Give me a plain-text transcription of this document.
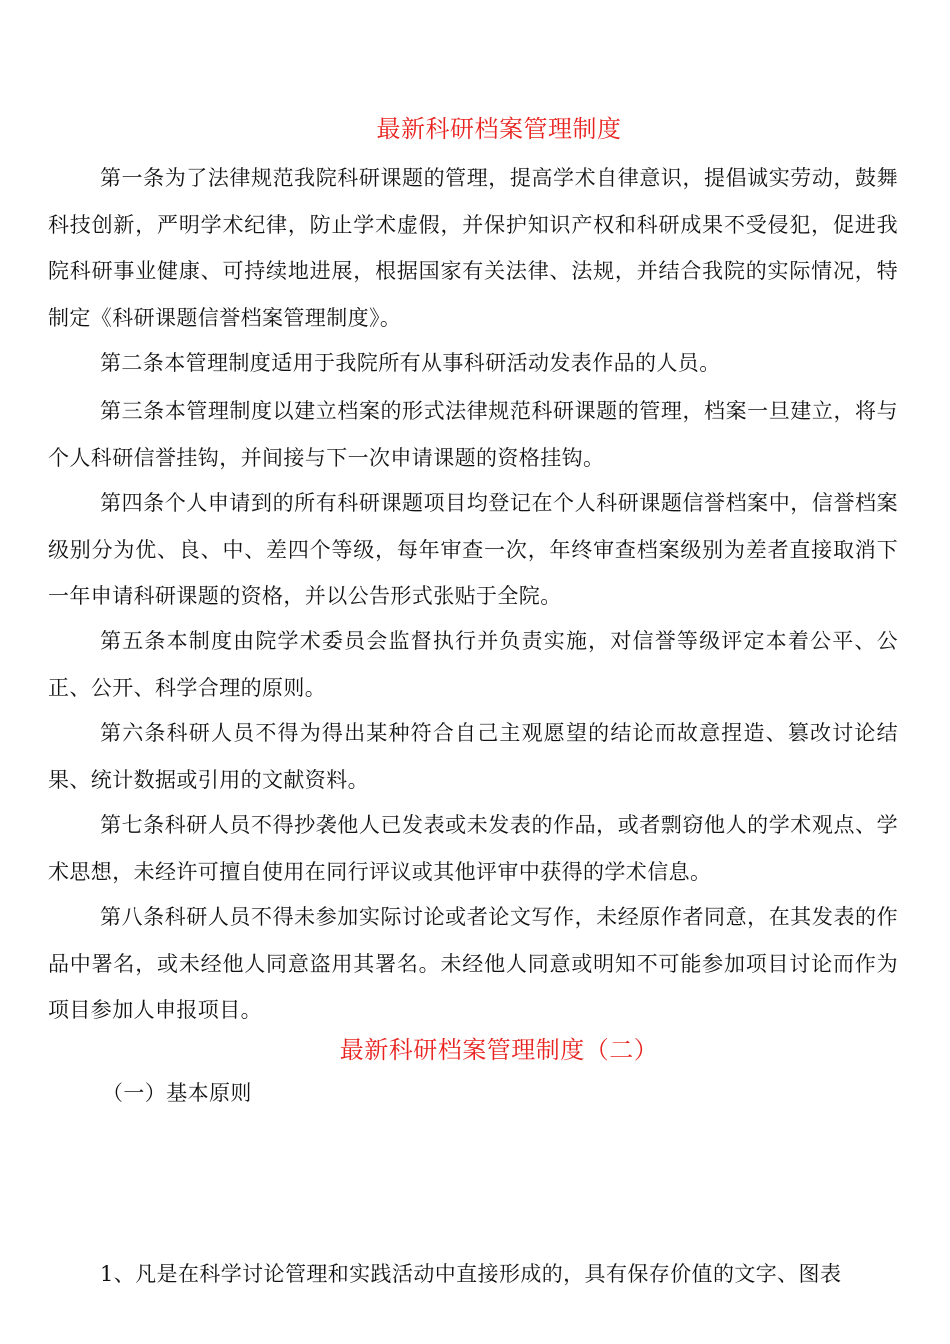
最新科研档案管理制度
第一条为了法律规范我院科研课题的管理，提高学术自律意识，提倡诚实劳动，鼓舞科技创新，严明学术纪律，防止学术虚假，并保护知识产权和科研成果不受侵犯，促进我院科研事业健康、可持续地进展，根据国家有关法律、法规，并结合我院的实际情况，特制定《科研课题信誉档案管理制度》。
第二条本管理制度适用于我院所有从事科研活动发表作品的人员。
第三条本管理制度以建立档案的形式法律规范科研课题的管理，档案一旦建立，将与个人科研信誉挂钩，并间接与下一次申请课题的资格挂钩。
第四条个人申请到的所有科研课题项目均登记在个人科研课题信誉档案中，信誉档案级别分为优、良、中、差四个等级，每年审查一次，年终审查档案级别为差者直接取消下一年申请科研课题的资格，并以公告形式张贴于全院。
第五条本制度由院学术委员会监督执行并负责实施，对信誉等级评定本着公平、公正、公开、科学合理的原则。
第六条科研人员不得为得出某种符合自己主观愿望的结论而故意捏造、篡改讨论结果、统计数据或引用的文献资料。
第七条科研人员不得抄袭他人已发表或未发表的作品，或者剽窃他人的学术观点、学术思想，未经许可擅自使用在同行评议或其他评审中获得的学术信息。
第八条科研人员不得未参加实际讨论或者论文写作，未经原作者同意，在其发表的作品中署名，或未经他人同意盗用其署名。未经他人同意或明知不可能参加项目讨论而作为项目参加人申报项目。
最新科研档案管理制度（二）
（一）基本原则
1、凡是在科学讨论管理和实践活动中直接形成的，具有保存价值的文字、图表
